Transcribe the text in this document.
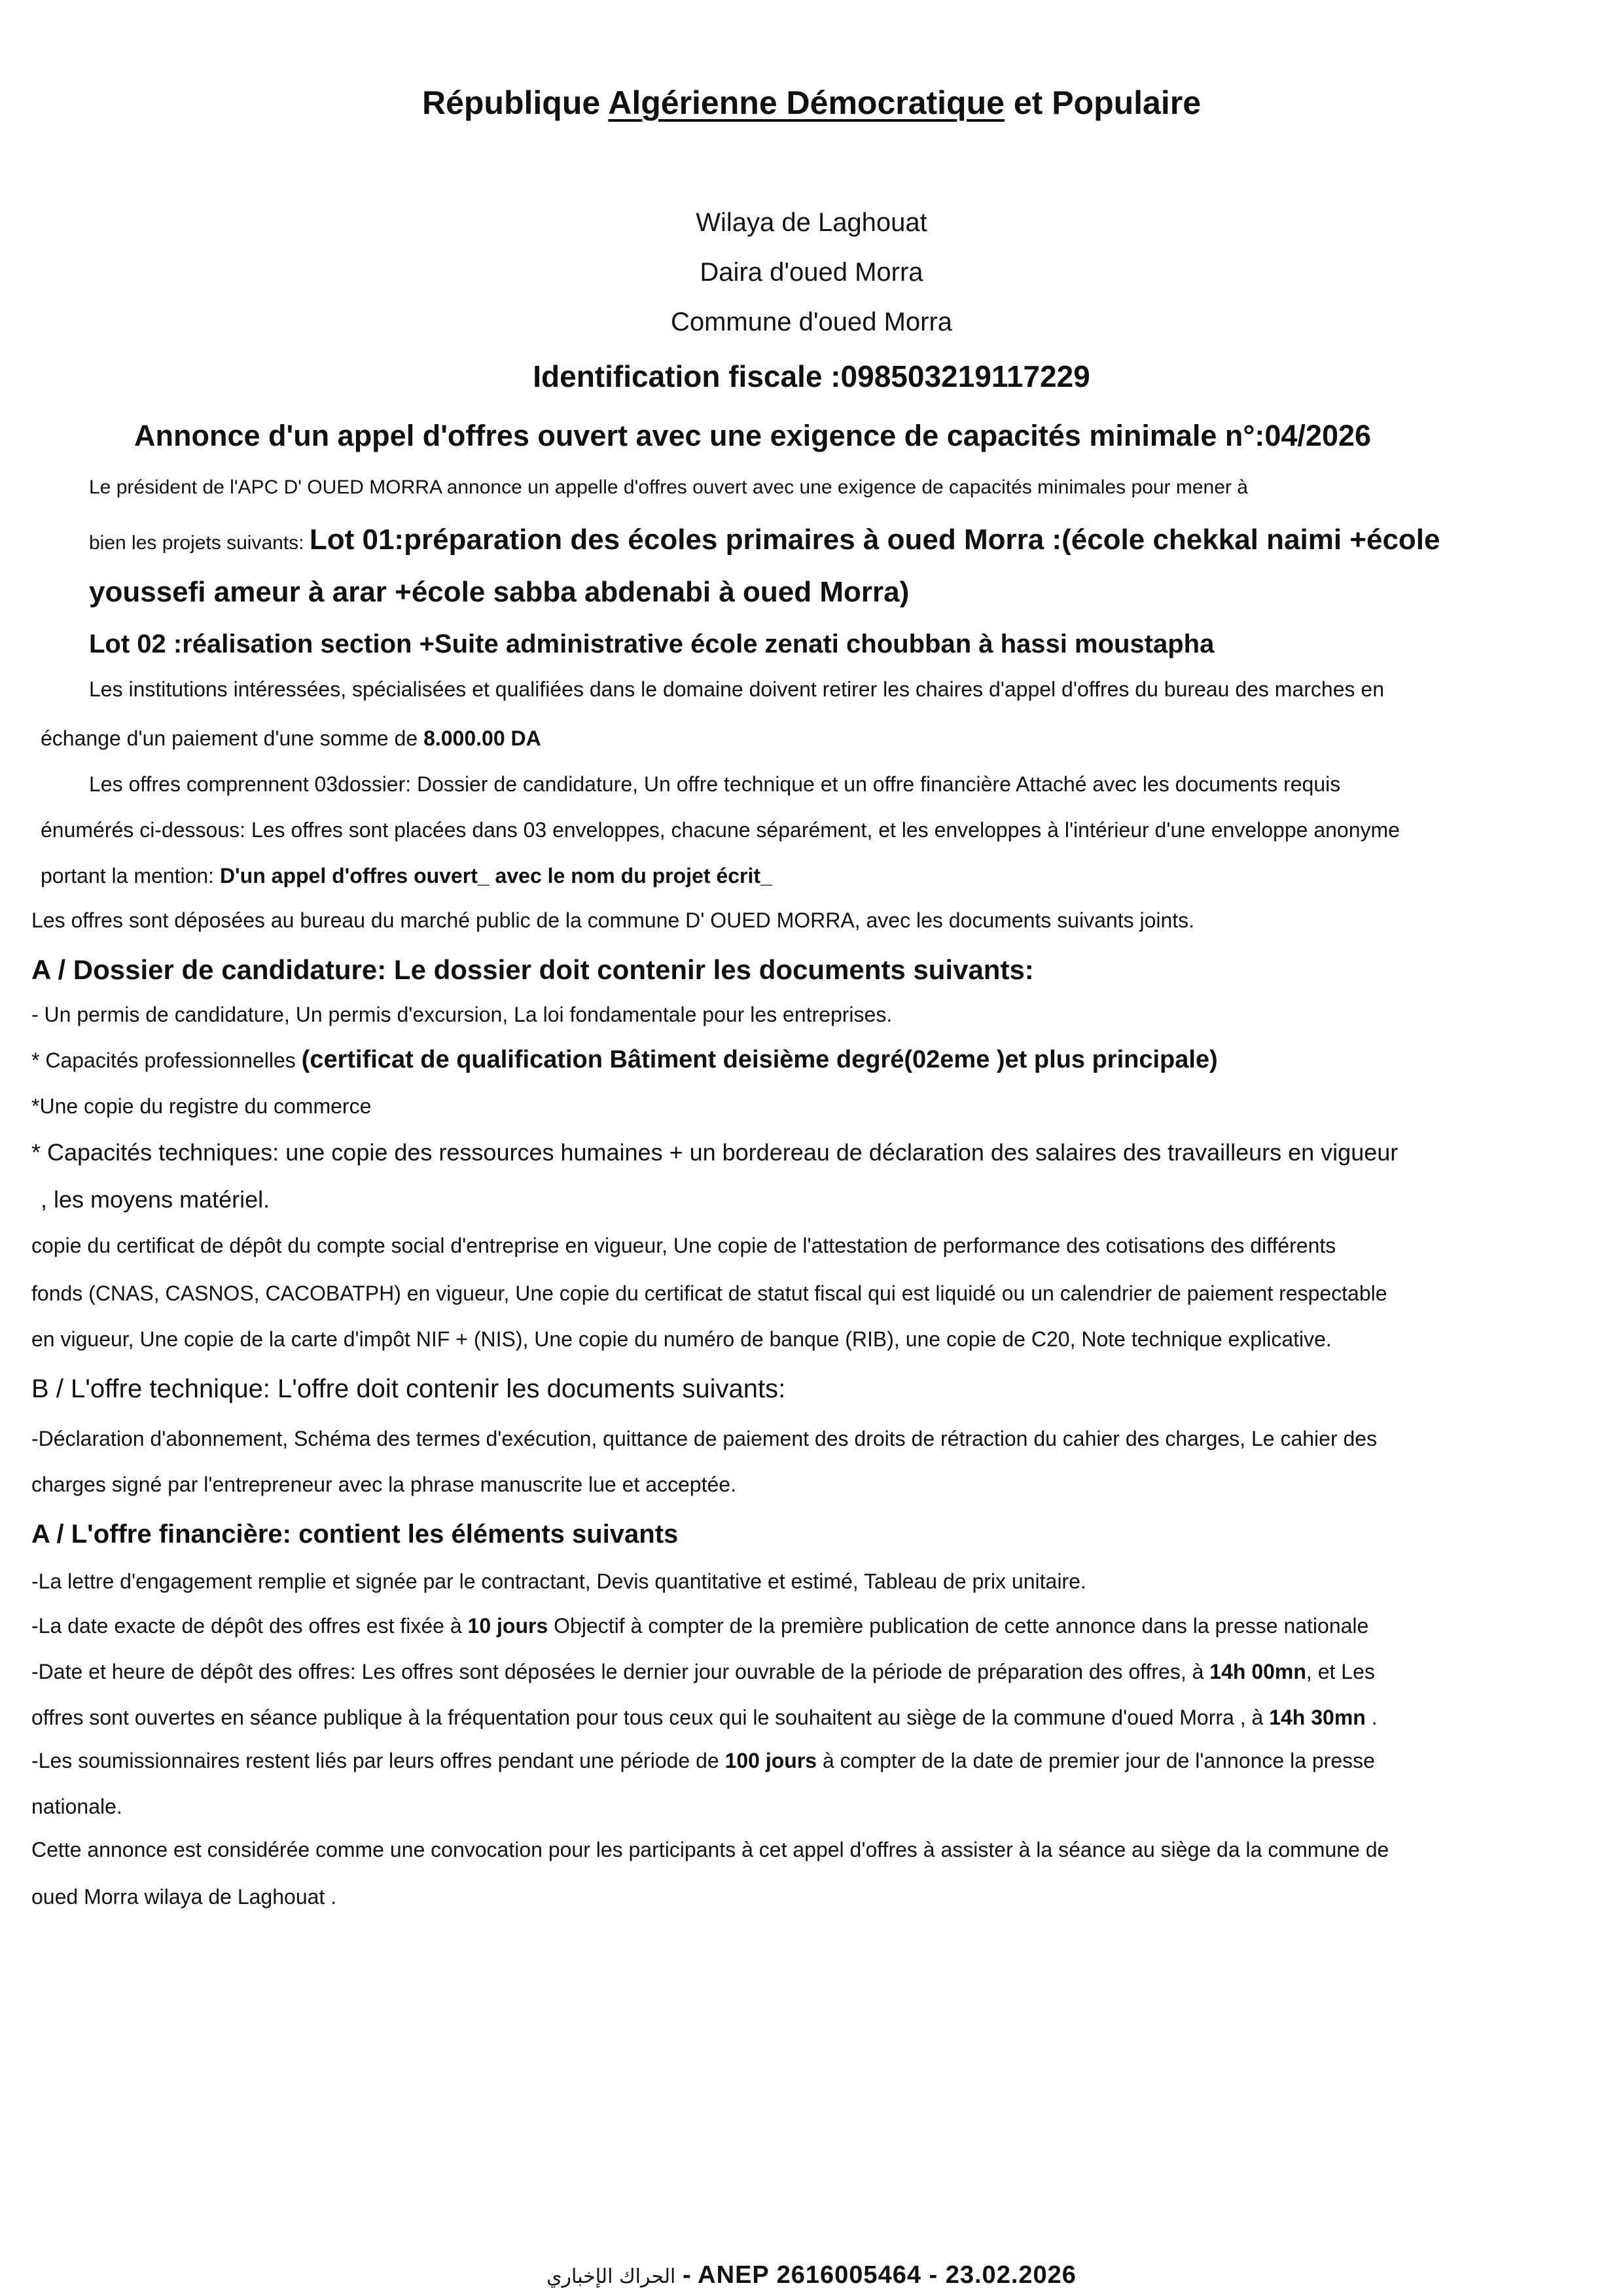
République Algérienne Démocratique et Populaire
Wilaya de Laghouat
Daira d'oued Morra
Commune d'oued Morra
Identification fiscale :098503219117229
Annonce d'un appel d'offres ouvert avec une exigence de capacités minimale n°:04/2026
Le président de l'APC D' OUED MORRA annonce un appelle d'offres ouvert avec une exigence de capacités minimales pour mener à
bien les projets suivants: Lot 01:préparation des écoles primaires à oued Morra :(école chekkal naimi +école
youssefi ameur à arar +école sabba abdenabi à oued Morra)
Lot 02 :réalisation section +Suite administrative école zenati choubban à hassi moustapha
Les institutions intéressées, spécialisées et qualifiées dans le domaine doivent retirer les chaires d'appel d'offres du bureau des marches en
échange d'un paiement d'une somme de 8.000.00 DA
Les offres comprennent 03dossier: Dossier de candidature, Un offre technique et un offre financière Attaché avec les documents requis
énumérés ci-dessous: Les offres sont placées dans 03 enveloppes, chacune séparément, et les enveloppes à l'intérieur d'une enveloppe anonyme
portant la mention: D'un appel d'offres ouvert_ avec le nom du projet écrit_
Les offres sont déposées au bureau du marché public de la commune D' OUED MORRA, avec les documents suivants joints.
A / Dossier de candidature: Le dossier doit contenir les documents suivants:
- Un permis de candidature, Un permis d'excursion, La loi fondamentale pour les entreprises.
* Capacités professionnelles (certificat de qualification Bâtiment deisième degré(02eme )et plus principale)
*Une copie du registre du commerce
* Capacités techniques: une copie des ressources humaines + un bordereau de déclaration des salaires des travailleurs en vigueur
, les moyens matériel.
copie du certificat de dépôt du compte social d'entreprise en vigueur, Une copie de l'attestation de performance des cotisations des différents
fonds (CNAS, CASNOS, CACOBATPH) en vigueur, Une copie du certificat de statut fiscal qui est liquidé ou un calendrier de paiement respectable
en vigueur, Une copie de la carte d'impôt NIF + (NIS), Une copie du numéro de banque (RIB), une copie de C20, Note technique explicative.
B / L'offre technique: L'offre doit contenir les documents suivants:
-Déclaration d'abonnement, Schéma des termes d'exécution, quittance de paiement des droits de rétraction du cahier des charges, Le cahier des
charges signé par l'entrepreneur avec la phrase manuscrite lue et acceptée.
A / L'offre financière: contient les éléments suivants
-La lettre d'engagement remplie et signée par le contractant, Devis quantitative et estimé, Tableau de prix unitaire.
-La date exacte de dépôt des offres est fixée à 10 jours Objectif à compter de la première publication de cette annonce dans la presse nationale
-Date et heure de dépôt des offres: Les offres sont déposées le dernier jour ouvrable de la période de préparation des offres, à 14h 00mn, et Les
offres sont ouvertes en séance publique à la fréquentation pour tous ceux qui le souhaitent au siège de la commune d'oued Morra , à 14h 30mn .
-Les soumissionnaires restent liés par leurs offres pendant une période de 100 jours à compter de la date de premier jour de l'annonce la presse
nationale.
Cette annonce est considérée comme une convocation pour les participants à cet appel d'offres à assister à la séance au siège da la commune de
oued Morra wilaya de Laghouat .
الحراك الإخباري - ANEP 2616005464 - 23.02.2026
